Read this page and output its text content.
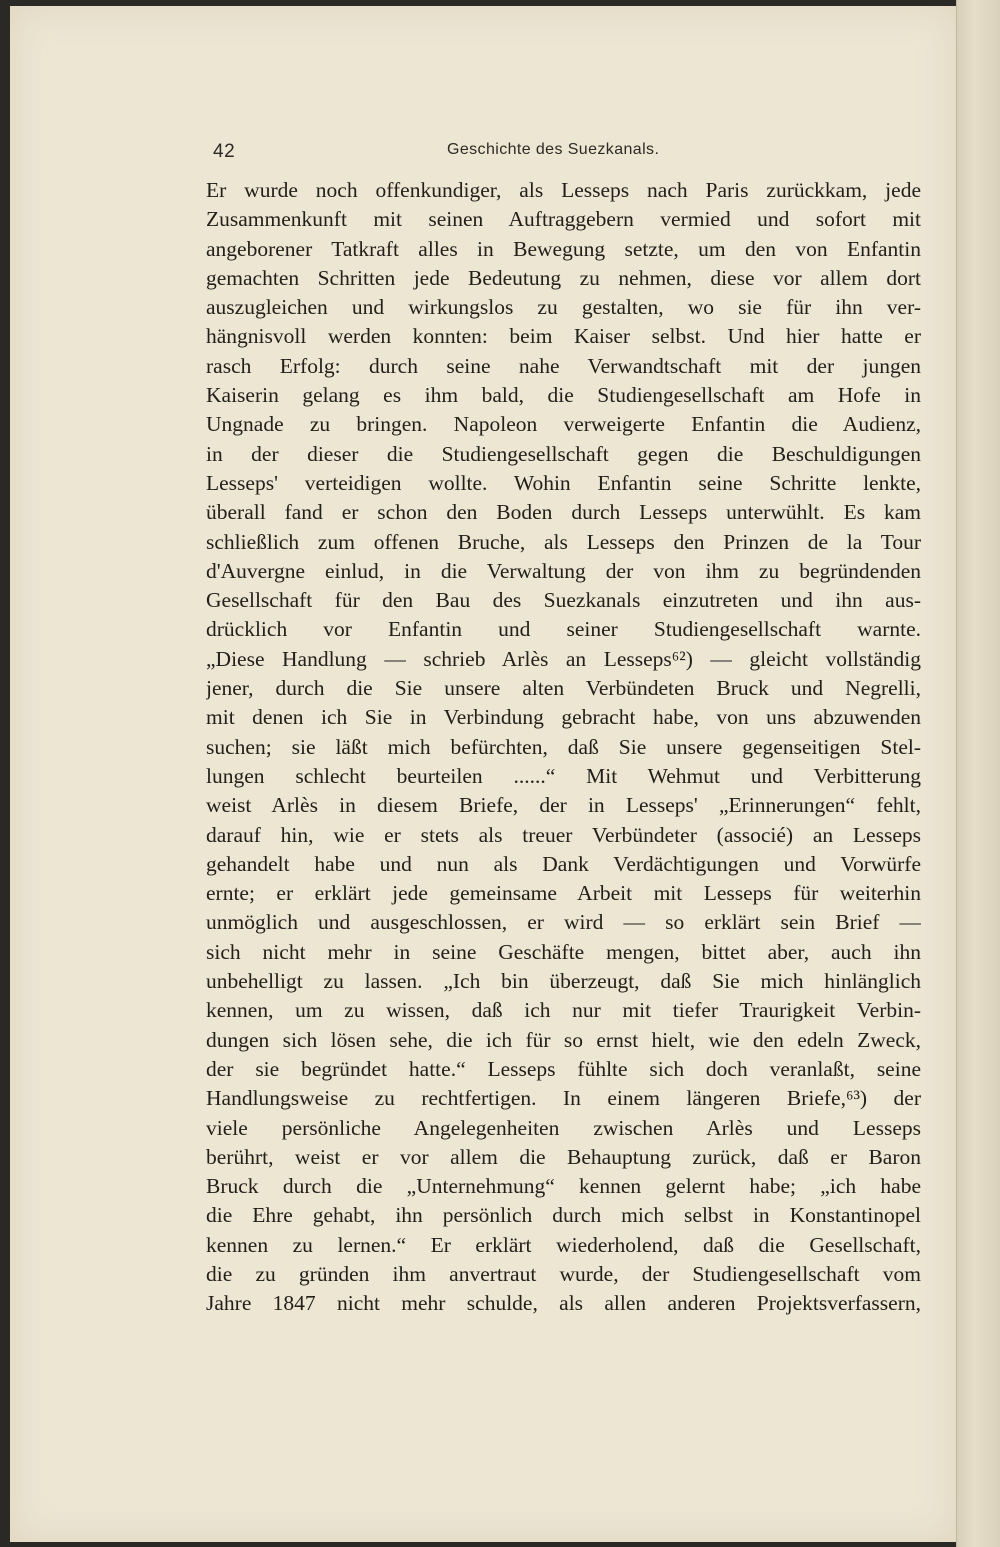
42	Geschichte des Suezkanals.
Er wurde noch offenkundiger, als Lesseps nach Paris zurückkam, jede
Zusammenkunft mit seinen Auftraggebern vermied und sofort mit
angeborener Tatkraft alles in Bewegung setzte, um den von Enfantin
gemachten Schritten jede Bedeutung zu nehmen, diese vor allem dort
auszugleichen und wirkungslos zu gestalten, wo sie für ihn ver-
hängnisvoll werden konnten: beim Kaiser selbst. Und hier hatte er
rasch Erfolg: durch seine nahe Verwandtschaft mit der jungen
Kaiserin gelang es ihm bald, die Studiengesellschaft am Hofe in
Ungnade zu bringen. Napoleon verweigerte Enfantin die Audienz,
in der dieser die Studiengesellschaft gegen die Beschuldigungen
Lesseps' verteidigen wollte. Wohin Enfantin seine Schritte lenkte,
überall fand er schon den Boden durch Lesseps unterwühlt. Es kam
schließlich zum offenen Bruche, als Lesseps den Prinzen de la Tour
d'Auvergne einlud, in die Verwaltung der von ihm zu begründenden
Gesellschaft für den Bau des Suezkanals einzutreten und ihn aus-
drücklich vor Enfantin und seiner Studiengesellschaft warnte.
„Diese Handlung — schrieb Arlès an Lesseps⁶²) — gleicht vollständig
jener, durch die Sie unsere alten Verbündeten Bruck und Negrelli,
mit denen ich Sie in Verbindung gebracht habe, von uns abzuwenden
suchen; sie läßt mich befürchten, daß Sie unsere gegenseitigen Stel-
lungen schlecht beurteilen ......“ Mit Wehmut und Verbitterung
weist Arlès in diesem Briefe, der in Lesseps' „Erinnerungen“ fehlt,
darauf hin, wie er stets als treuer Verbündeter (associé) an Lesseps
gehandelt habe und nun als Dank Verdächtigungen und Vorwürfe
ernte; er erklärt jede gemeinsame Arbeit mit Lesseps für weiterhin
unmöglich und ausgeschlossen, er wird — so erklärt sein Brief —
sich nicht mehr in seine Geschäfte mengen, bittet aber, auch ihn
unbehelligt zu lassen. „Ich bin überzeugt, daß Sie mich hinlänglich
kennen, um zu wissen, daß ich nur mit tiefer Traurigkeit Verbin-
dungen sich lösen sehe, die ich für so ernst hielt, wie den edeln Zweck,
der sie begründet hatte.“ Lesseps fühlte sich doch veranlaßt, seine
Handlungsweise zu rechtfertigen. In einem längeren Briefe,⁶³) der
viele persönliche Angelegenheiten zwischen Arlès und Lesseps
berührt, weist er vor allem die Behauptung zurück, daß er Baron
Bruck durch die „Unternehmung“ kennen gelernt habe; „ich habe
die Ehre gehabt, ihn persönlich durch mich selbst in Konstantinopel
kennen zu lernen.“ Er erklärt wiederholend, daß die Gesellschaft,
die zu gründen ihm anvertraut wurde, der Studiengesellschaft vom
Jahre 1847 nicht mehr schulde, als allen anderen Projektsverfassern,
